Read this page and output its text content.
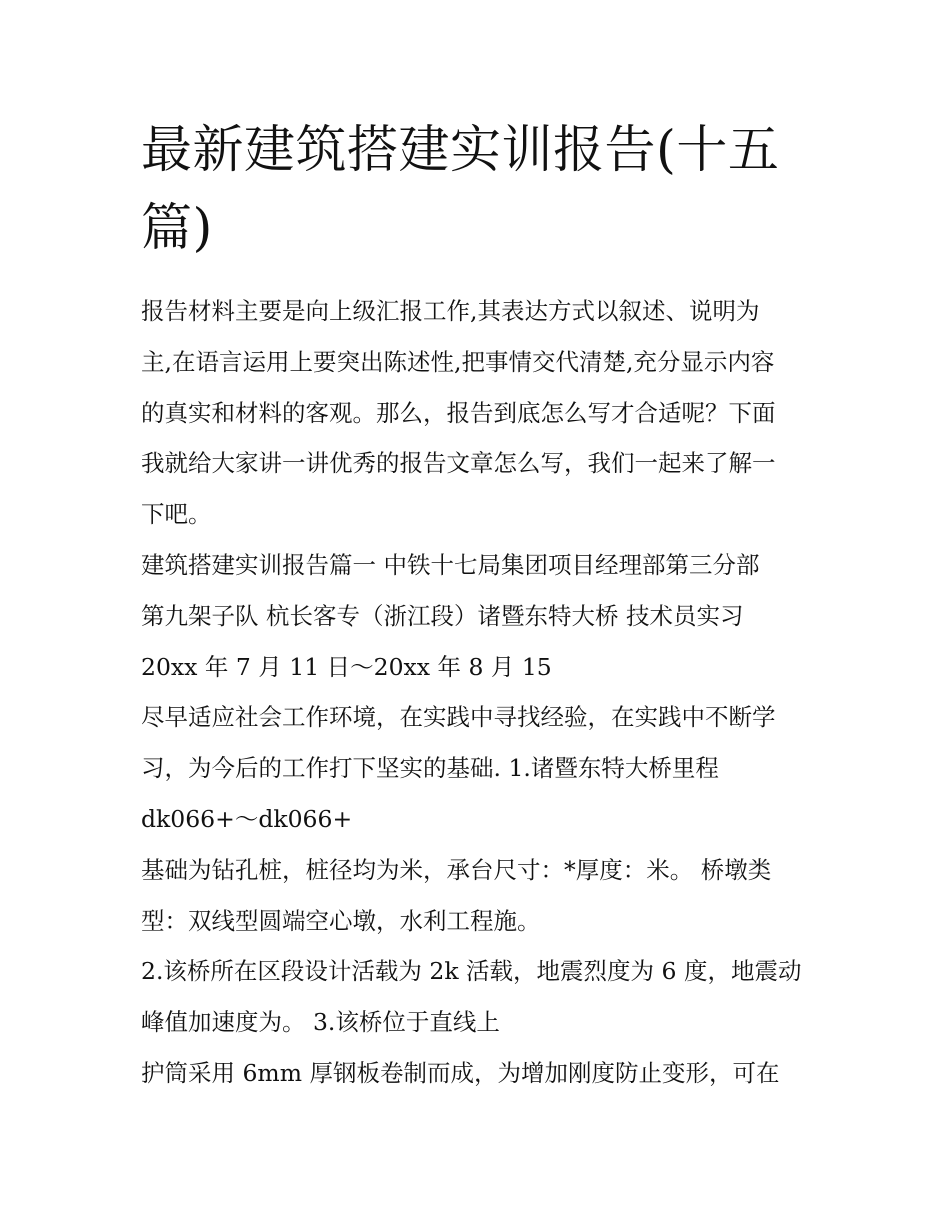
最新建筑搭建实训报告(十五
篇)
报告材料主要是向上级汇报工作,其表达方式以叙述、说明为
主,在语言运用上要突出陈述性,把事情交代清楚,充分显示内容
的真实和材料的客观。那么，报告到底怎么写才合适呢？下面
我就给大家讲一讲优秀的报告文章怎么写，我们一起来了解一
下吧。
建筑搭建实训报告篇一 中铁十七局集团项目经理部第三分部
第九架子队 杭长客专（浙江段）诸暨东特大桥 技术员实习
20xx 年 7 月 11 日～20xx 年 8 月 15
尽早适应社会工作环境，在实践中寻找经验，在实践中不断学
习，为今后的工作打下坚实的基础. 1.诸暨东特大桥里程
dk066+～dk066+
基础为钻孔桩，桩径均为米，承台尺寸：*厚度：米。 桥墩类
型：双线型圆端空心墩，水利工程施。
2.该桥所在区段设计活载为 2k 活载，地震烈度为 6 度，地震动
峰值加速度为。 3.该桥位于直线上
护筒采用 6mm 厚钢板卷制而成，为增加刚度防止变形，可在
